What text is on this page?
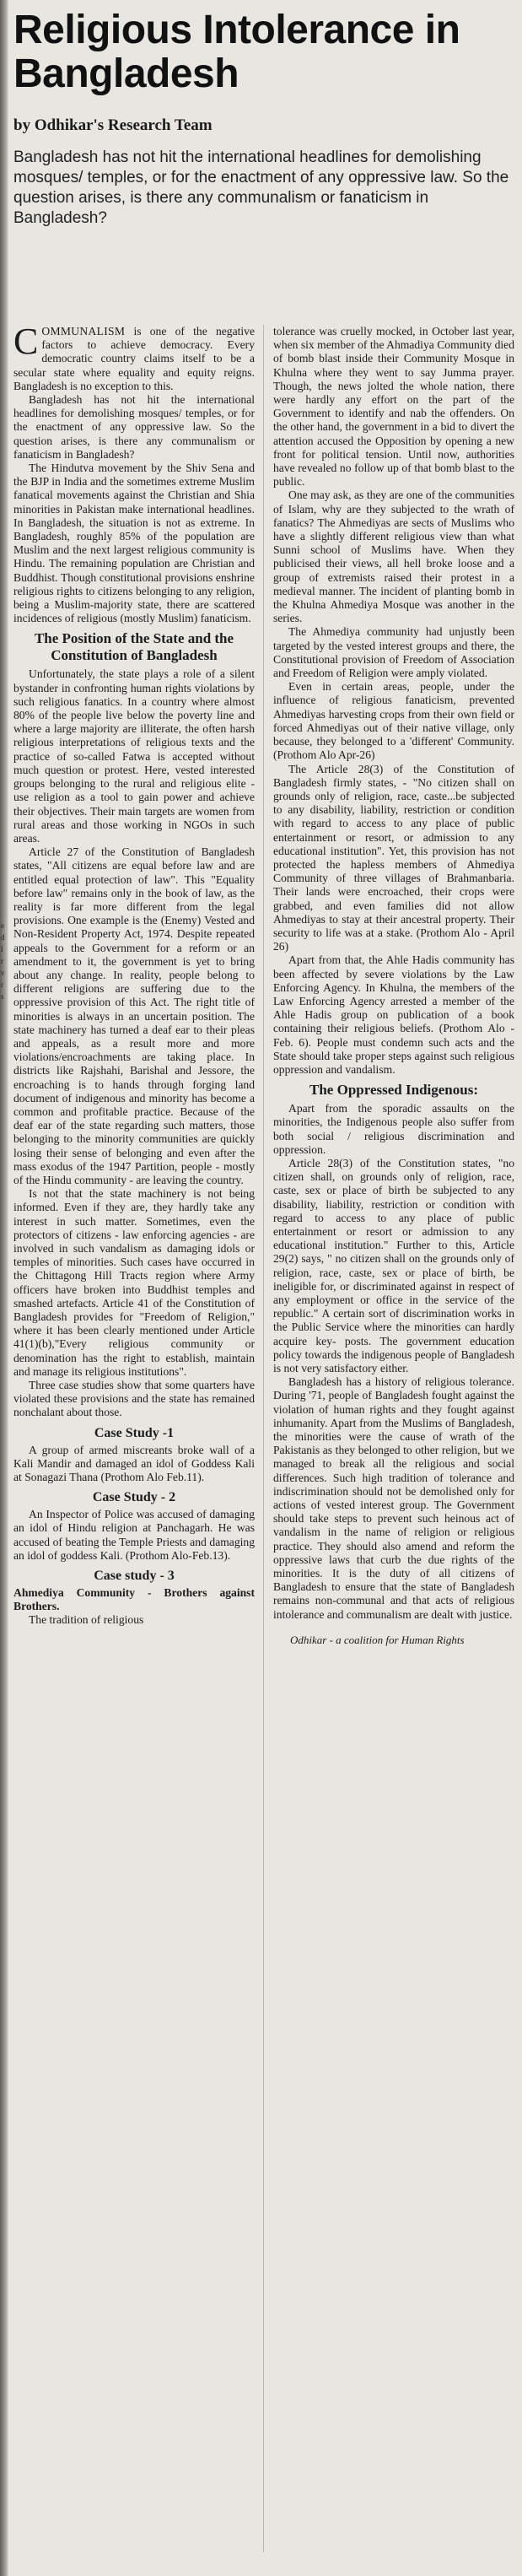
e
d
l
r
v
r
s
Religious Intolerance in Bangladesh
by Odhikar's Research Team
Bangladesh has not hit the international headlines for demolishing mosques/ temples, or for the enactment of any oppressive law. So the question arises, is there any communalism or fanaticism in Bangladesh?

COMMUNALISM is one of the negative factors to achieve democracy. Every democratic country claims itself to be a secular state where equality and equity reigns. Bangladesh is no exception to this.

Bangladesh has not hit the international headlines for demolishing mosques/ temples, or for the enactment of any oppressive law. So the question arises, is there any communalism or fanaticism in Bangladesh?

The Hindutva movement by the Shiv Sena and the BJP in India and the sometimes extreme Muslim fanatical movements against the Christian and Shia minorities in Pakistan make international headlines. In Bangladesh, the situation is not as extreme. In Bangladesh, roughly 85% of the population are Muslim and the next largest religious community is Hindu. The remaining population are Christian and Buddhist. Though constitutional provisions enshrine religious rights to citizens belonging to any religion, being a Muslim-majority state, there are scattered incidences of religious (mostly Muslim) fanaticism.

The Position of the State and the Constitution of Bangladesh

Unfortunately, the state plays a role of a silent bystander in confronting human rights violations by such religious fanatics. In a country where almost 80% of the people live below the poverty line and where a large majority are illiterate, the often harsh religious interpretations of religious texts and the practice of so-called Fatwa is accepted without much question or protest. Here, vested interested groups belonging to the rural and religious elite - use religion as a tool to gain power and achieve their objectives. Their main targets are women from rural areas and those working in NGOs in such areas.

Article 27 of the Constitution of Bangladesh states, "All citizens are equal before law and are entitled equal protection of law". This "Equality before law" remains only in the book of law, as the reality is far more different from the legal provisions. One example is the (Enemy) Vested and Non-Resident Property Act, 1974. Despite repeated appeals to the Government for a reform or an amendment to it, the government is yet to bring about any change. In reality, people belong to different religions are suffering due to the oppressive provision of this Act. The right title of minorities is always in an uncertain position. The state machinery has turned a deaf ear to their pleas and appeals, as a result more and more violations/encroachments are taking place. In districts like Rajshahi, Barishal and Jessore, the encroaching is to hands through forging land document of indigenous and minority has become a common and profitable practice. Because of the deaf ear of the state regarding such matters, those belonging to the minority communities are quickly losing their sense of belonging and even after the mass exodus of the 1947 Partition, people - mostly of the Hindu community - are leaving the country.

Is not that the state machinery is not being informed. Even if they are, they hardly take any interest in such matter. Sometimes, even the protectors of citizens - law enforcing agencies - are involved in such vandalism as damaging idols or temples of minorities. Such cases have occurred in the Chittagong Hill Tracts region where Army officers have broken into Buddhist temples and smashed artefacts. Article 41 of the Constitution of Bangladesh provides for "Freedom of Religion," where it has been clearly mentioned under Article 41(1)(b),"Every religious community or denomination has the right to establish, maintain and manage its religious institutions".

Three case studies show that some quarters have violated these provisions and the state has remained nonchalant about those.

Case Study -1

A group of armed miscreants broke wall of a Kali Mandir and damaged an idol of Goddess Kali at Sonagazi Thana (Prothom Alo Feb.11).

Case Study - 2

An Inspector of Police was accused of damaging an idol of Hindu religion at Panchagarh. He was accused of beating the Temple Priests and damaging an idol of goddess Kali. (Prothom Alo-Feb.13).

Case study - 3

Ahmediya Community - Brothers against Brothers.

The tradition of religious

tolerance was cruelly mocked, in October last year, when six member of the Ahmadiya Community died of bomb blast inside their Community Mosque in Khulna where they went to say Jumma prayer. Though, the news jolted the whole nation, there were hardly any effort on the part of the Government to identify and nab the offenders. On the other hand, the government in a bid to divert the attention accused the Opposition by opening a new front for political tension. Until now, authorities have revealed no follow up of that bomb blast to the public.

One may ask, as they are one of the communities of Islam, why are they subjected to the wrath of fanatics? The Ahmediyas are sects of Muslims who have a slightly different religious view than what Sunni school of Muslims have. When they publicised their views, all hell broke loose and a group of extremists raised their protest in a medieval manner. The incident of planting bomb in the Khulna Ahmediya Mosque was another in the series.

The Ahmediya community had unjustly been targeted by the vested interest groups and there, the Constitutional provision of Freedom of Association and Freedom of Religion were amply violated.

Even in certain areas, people, under the influence of religious fanaticism, prevented Ahmediyas harvesting crops from their own field or forced Ahmediyas out of their native village, only because, they belonged to a 'different' Community. (Prothom Alo Apr-26)

The Article 28(3) of the Constitution of Bangladesh firmly states, - "No citizen shall on grounds only of religion, race, caste...be subjected to any disability, liability, restriction or condition with regard to access to any place of public entertainment or resort, or admission to any educational institution". Yet, this provision has not protected the hapless members of Ahmediya Community of three villages of Brahmanbaria. Their lands were encroached, their crops were grabbed, and even families did not allow Ahmediyas to stay at their ancestral property. Their security to life was at a stake. (Prothom Alo - April 26)

Apart from that, the Ahle Hadis community has been affected by severe violations by the Law Enforcing Agency. In Khulna, the members of the Law Enforcing Agency arrested a member of the Ahle Hadis group on publication of a book containing their religious beliefs. (Prothom Alo -Feb. 6). People must condemn such acts and the State should take proper steps against such religious oppression and vandalism.

The Oppressed Indigenous:

Apart from the sporadic assaults on the minorities, the Indigenous people also suffer from both social / religious discrimination and oppression.

Article 28(3) of the Constitution states, "no citizen shall, on grounds only of religion, race, caste, sex or place of birth be subjected to any disability, liability, restriction or condition with regard to access to any place of public entertainment or resort or admission to any educational institution." Further to this, Article 29(2) says, " no citizen shall on the grounds only of religion, race, caste, sex or place of birth, be ineligible for, or discriminated against in respect of any employment or office in the service of the republic." A certain sort of discrimination works in the Public Service where the minorities can hardly acquire key- posts. The government education policy towards the indigenous people of Bangladesh is not very satisfactory either.

Bangladesh has a history of religious tolerance. During '71, people of Bangladesh fought against the violation of human rights and they fought against inhumanity. Apart from the Muslims of Bangladesh, the minorities were the cause of wrath of the Pakistanis as they belonged to other religion, but we managed to break all the religious and social differences. Such high tradition of tolerance and indiscrimination should not be demolished only for actions of vested interest group. The Government should take steps to prevent such heinous act of vandalism in the name of religion or religious practice. They should also amend and reform the oppressive laws that curb the due rights of the minorities. It is the duty of all citizens of Bangladesh to ensure that the state of Bangladesh remains non-communal and that acts of religious intolerance and communalism are dealt with justice.

Odhikar - a coalition for Human Rights
